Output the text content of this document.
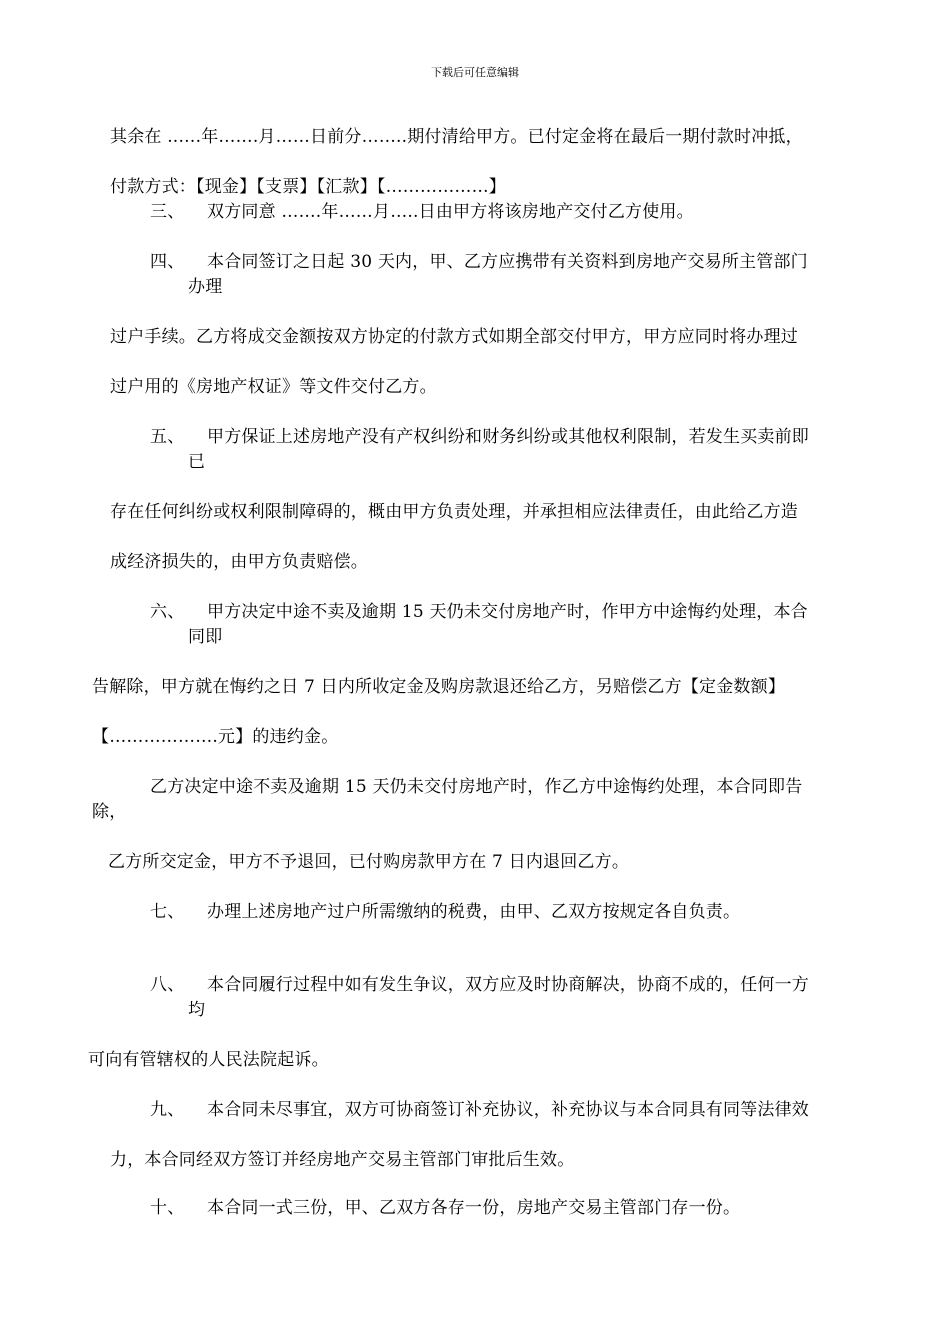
下载后可任意编辑
其余在 ..….年…….月……日前分……..期付清给甲方。已付定金将在最后一期付款时冲抵，
付款方式：【现金】【支票】【汇款】【………………】
三、 双方同意 …….年……月…..日由甲方将该房地产交付乙方使用。
四、 本合同签订之日起 30 天内，甲、乙方应携带有关资料到房地产交易所主管部门
办理
过户手续。乙方将成交金额按双方协定的付款方式如期全部交付甲方，甲方应同时将办理过
过户用的《房地产权证》等文件交付乙方。
五、 甲方保证上述房地产没有产权纠纷和财务纠纷或其他权利限制，若发生买卖前即
已
存在任何纠纷或权利限制障碍的，概由甲方负责处理，并承担相应法律责任，由此给乙方造
成经济损失的，由甲方负责赔偿。
六、 甲方决定中途不卖及逾期 15 天仍未交付房地产时，作甲方中途悔约处理，本合
同即
告解除，甲方就在悔约之日 7 日内所收定金及购房款退还给乙方，另赔偿乙方【定金数额】
【……………….元】的违约金。
乙方决定中途不卖及逾期 15 天仍未交付房地产时，作乙方中途悔约处理，本合同即告
除，
乙方所交定金，甲方不予退回，已付购房款甲方在 7 日内退回乙方。
七、 办理上述房地产过户所需缴纳的税费，由甲、乙双方按规定各自负责。
八、 本合同履行过程中如有发生争议，双方应及时协商解决，协商不成的，任何一方
均
可向有管辖权的人民法院起诉。
九、 本合同未尽事宜，双方可协商签订补充协议，补充协议与本合同具有同等法律效
力，本合同经双方签订并经房地产交易主管部门审批后生效。
十、 本合同一式三份，甲、乙双方各存一份，房地产交易主管部门存一份。
